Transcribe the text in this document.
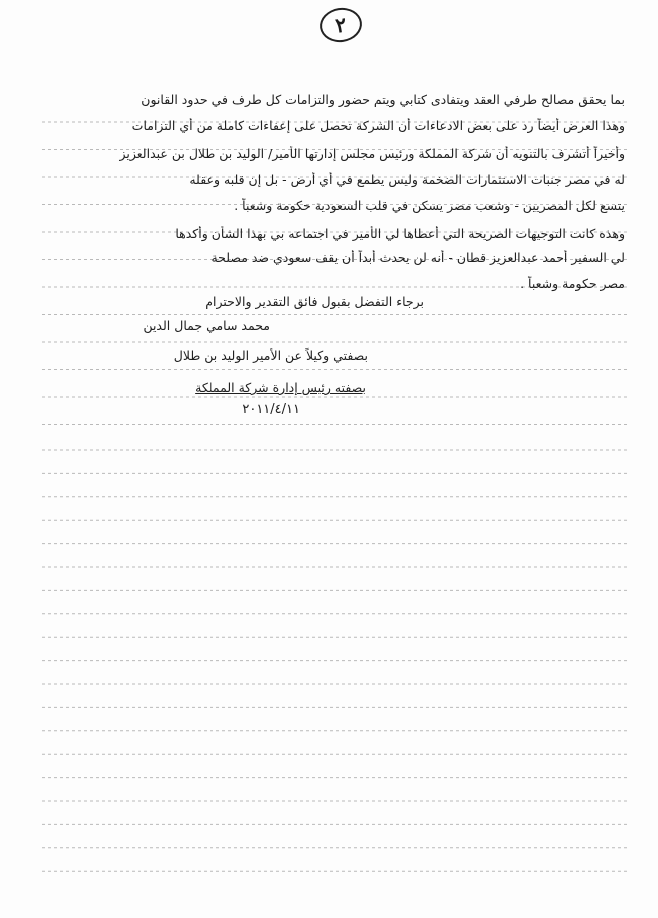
٢
بما يحقق مصالح طرفي العقد ويتفادى كتابي ويتم حضور والتزامات كل طرف في حدود القانون
وهذا العرض أيضاً رد على بعض الادعاءات أن الشركة تحصل على إعفاءات كاملة من أي التزامات
وأخيراً أتشرف بالتنويه أن شركة المملكة ورئيس مجلس إدارتها الأمير/ الوليد بن طلال بن عبدالعزيز
له في مصر جنبات الاستثمارات الضخمة وليس يطمع في أي أرض - بل إن قلبه وعقله
يتسع لكل المصريين - وشعب مصر يسكن في قلب السعودية حكومة وشعباً .
وهذه كانت التوجيهات الصريحة التي أعطاها لي الأمير في اجتماعه بي بهذا الشأن وأكدها
لي السفير أحمد عبدالعزيز قطان - أنه لن يحدث أبداً أن يقف سعودي ضد مصلحة
مصر حكومة وشعباً .
برجاء التفضل بقبول فائق التقدير والاحترام
محمد سامي جمال الدين
بصفتي وكيلاً عن الأمير الوليد بن طلال
بصفته رئيس إدارة شركة المملكة
٢٠١١/٤/١١
